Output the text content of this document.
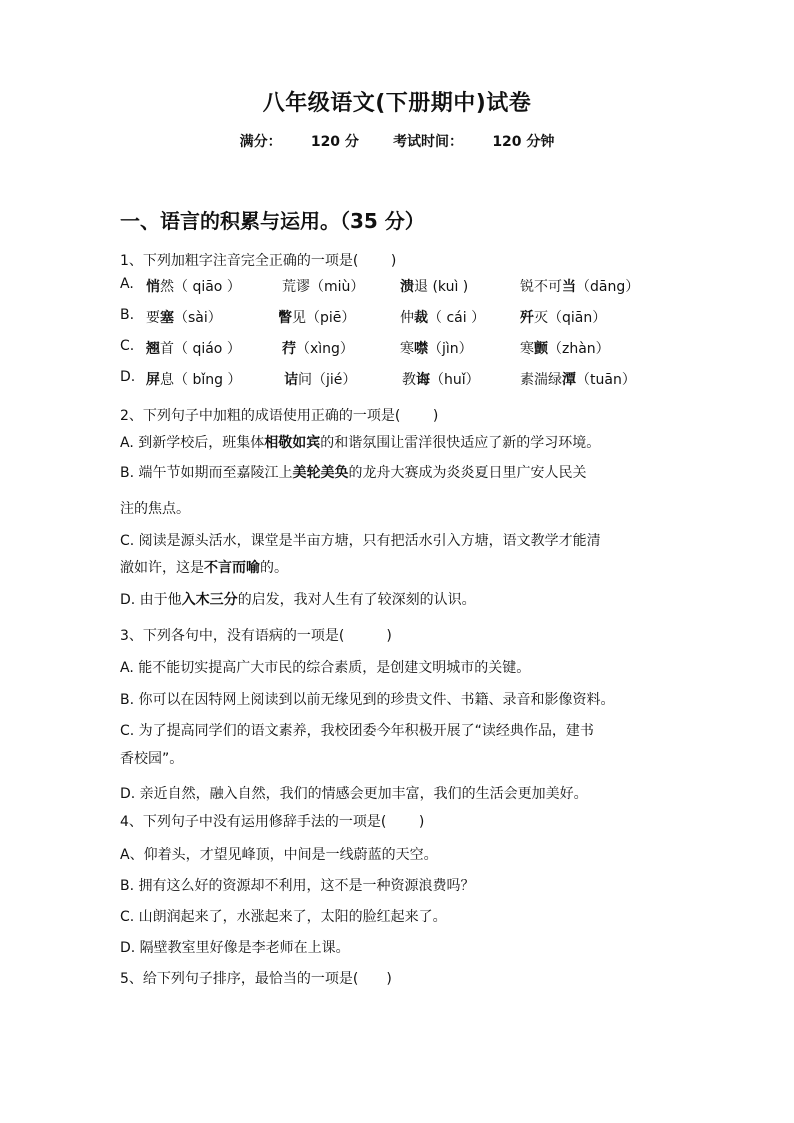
八年级语文(下册期中)试卷
满分： 120 分 考试时间： 120 分钟
一、语言的积累与运用。（35 分）
1、下列加粗字注音完全正确的一项是(　　 )
A. 悄然（ qiāo ）	荒谬（miù）	溃退 (kuì )	锐不可当（dāng）
B. 要塞（sài）	瞥见（piē）	仲裁（ cái ） 歼灭（qiān）
C. 翘首（ qiáo ）	荇（xìng）	寒噤（jìn）	寒颤（zhàn）
D. 屏息（ bǐng ）	诘问（jié）	教诲（huǐ）	素湍绿潭（tuān）
2、下列句子中加粗的成语使用正确的一项是(　　 )
A. 到新学校后，班集体相敬如宾的和谐氛围让雷洋很快适应了新的学习环境。
B. 端午节如期而至嘉陵江上美轮美奂的龙舟大赛成为炎炎夏日里广安人民关
注的焦点。
C. 阅读是源头活水，课堂是半亩方塘，只有把活水引入方塘，语文教学才能清
澈如许，这是不言而喻的。
D. 由于他入木三分的启发，我对人生有了较深刻的认识。
3、下列各句中，没有语病的一项是(　　　)
A. 能不能切实提高广大市民的综合素质，是创建文明城市的关键。
B. 你可以在因特网上阅读到以前无缘见到的珍贵文件、书籍、录音和影像资料。
C. 为了提高同学们的语文素养，我校团委今年积极开展了“读经典作品，建书
香校园”。
D. 亲近自然，融入自然，我们的情感会更加丰富，我们的生活会更加美好。
4、下列句子中没有运用修辞手法的一项是(　　 )
A、仰着头，才望见峰顶，中间是一线蔚蓝的天空。
B. 拥有这么好的资源却不利用，这不是一种资源浪费吗？
C. 山朗润起来了，水涨起来了，太阳的脸红起来了。
D. 隔壁教室里好像是李老师在上课。
5、给下列句子排序，最恰当的一项是(　　)
